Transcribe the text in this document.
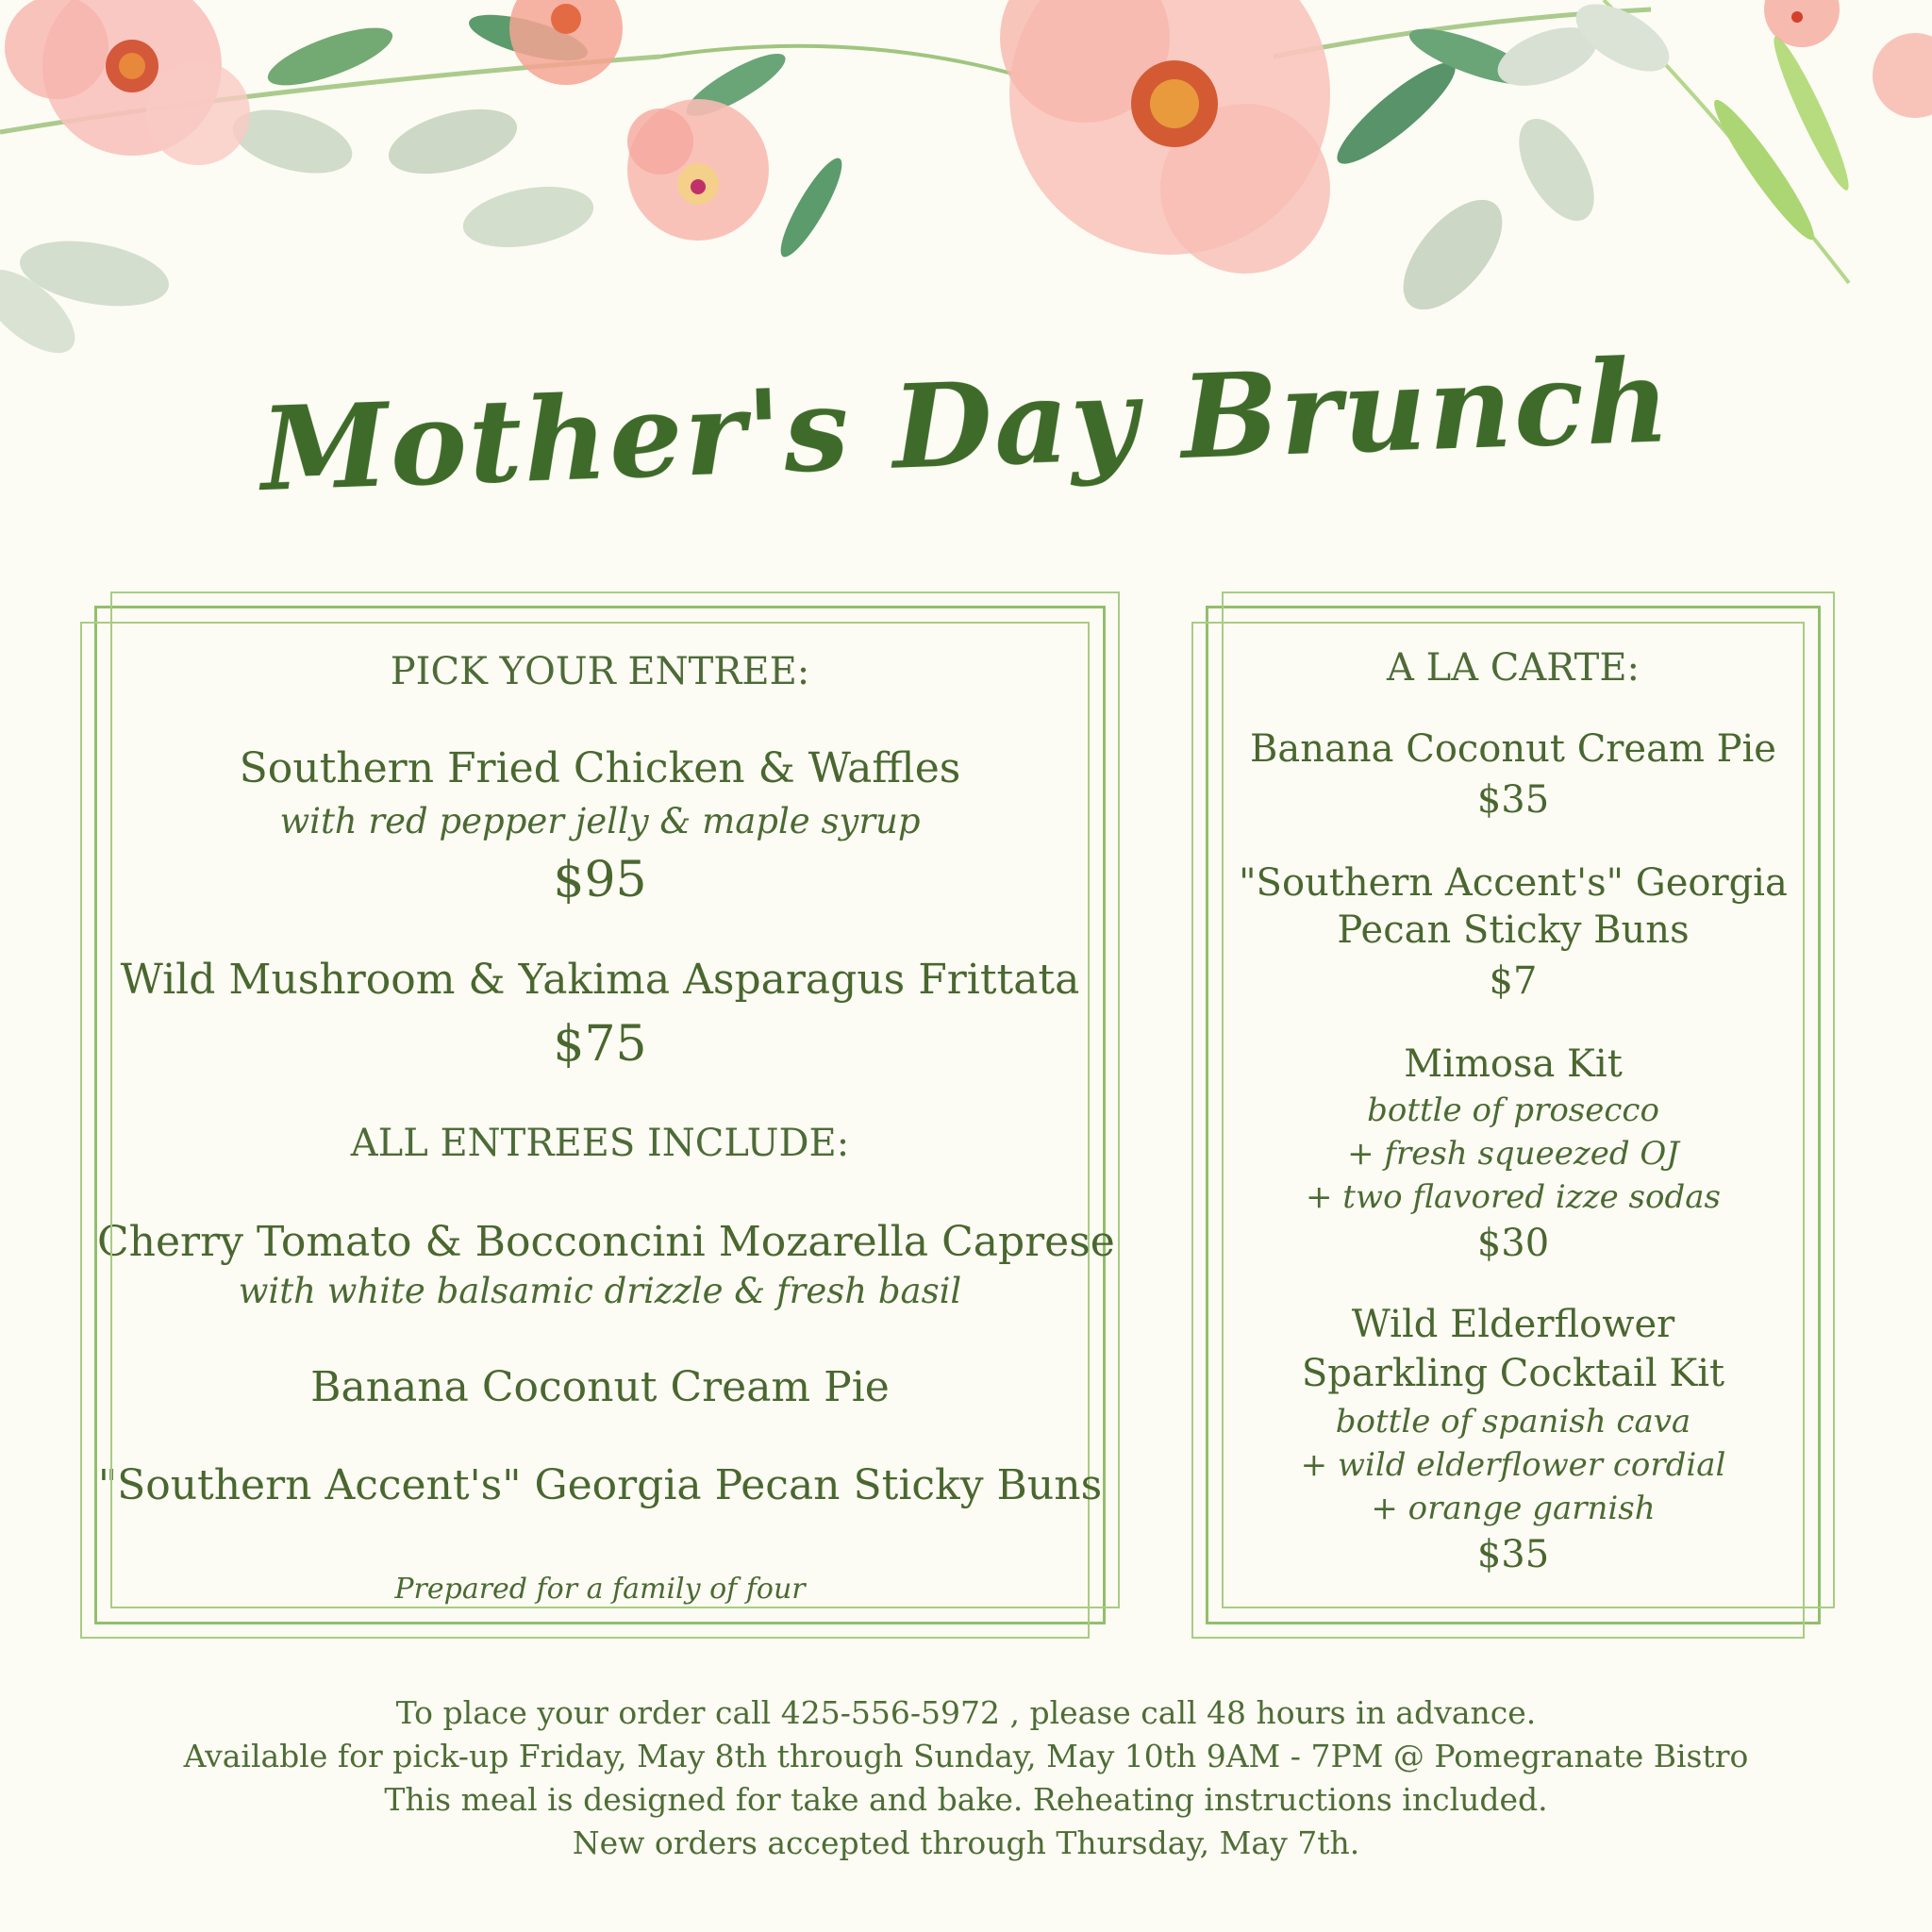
Mother's Day Brunch

PICK YOUR ENTREE:

Southern Fried Chicken & Waffles

with red pepper jelly & maple syrup

$95

Wild Mushroom & Yakima Asparagus Frittata

$75

ALL ENTREES INCLUDE:

Cherry Tomato & Bocconcini Mozarella Caprese

with white balsamic drizzle & fresh basil

Banana Coconut Cream Pie

"Southern Accent's" Georgia Pecan Sticky Buns

Prepared for a family of four

A LA CARTE:

Banana Coconut Cream Pie

$35

"Southern Accent's" Georgia

Pecan Sticky Buns

$7

Mimosa Kit

bottle of prosecco

+ fresh squeezed OJ

+ two flavored izze sodas

$30

Wild Elderflower

Sparkling Cocktail Kit

bottle of spanish cava

+ wild elderflower cordial

+ orange garnish

$35

To place your order call 425-556-5972 , please call 48 hours in advance.

Available for pick-up Friday, May 8th through Sunday, May 10th 9AM - 7PM @ Pomegranate Bistro

This meal is designed for take and bake. Reheating instructions included.

New orders accepted through Thursday, May 7th.
